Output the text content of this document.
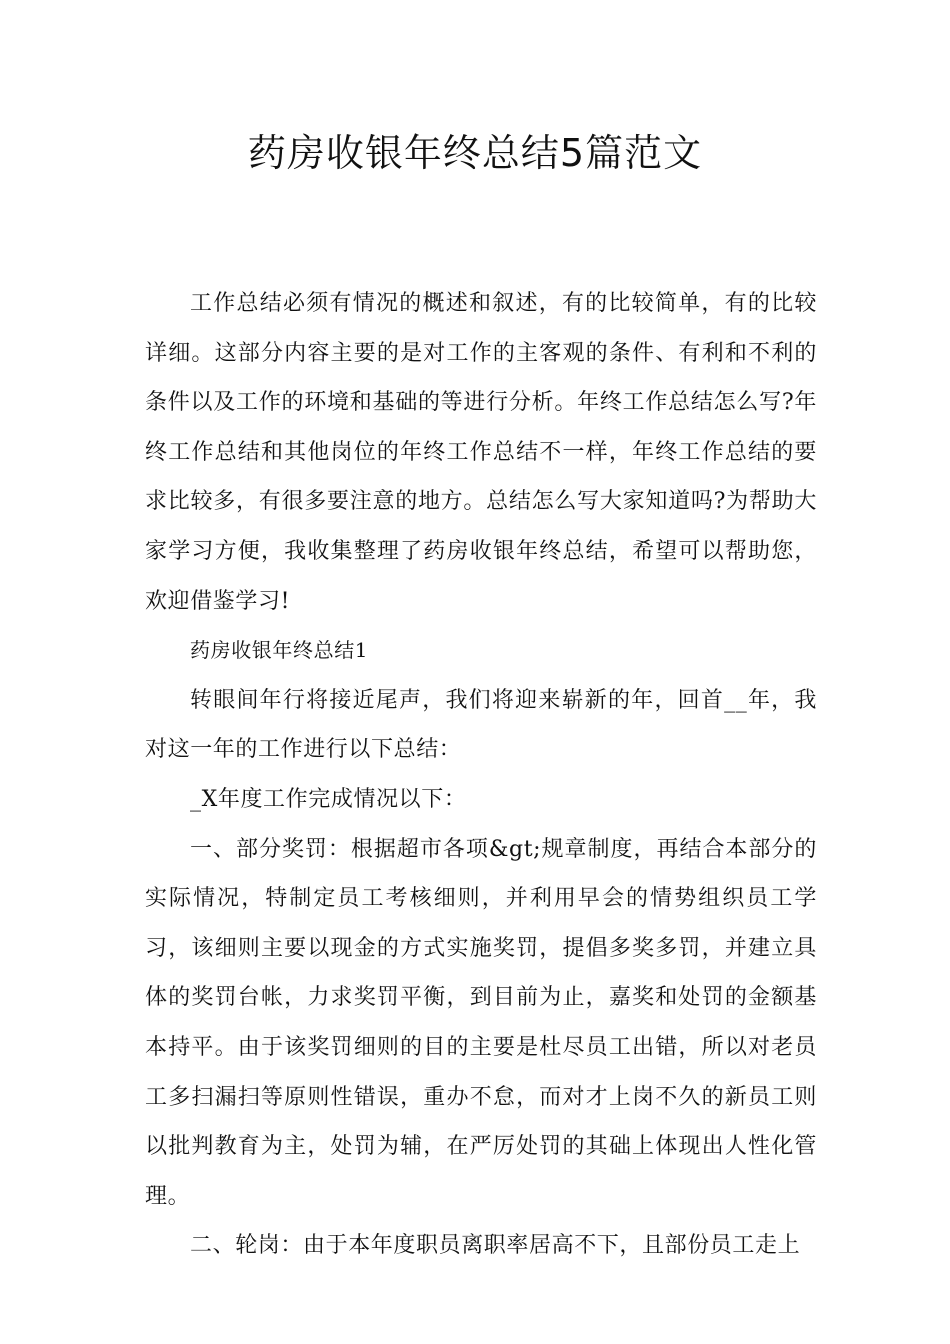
药房收银年终总结5篇范文

工作总结必须有情况的概述和叙述，有的比较简单，有的比较详细。这部分内容主要的是对工作的主客观的条件、有利和不利的条件以及工作的环境和基础的等进行分析。年终工作总结怎么写?年终工作总结和其他岗位的年终工作总结不一样，年终工作总结的要求比较多，有很多要注意的地方。总结怎么写大家知道吗?为帮助大家学习方便，我收集整理了药房收银年终总结，希望可以帮助您，欢迎借鉴学习!

药房收银年终总结1

转眼间年行将接近尾声，我们将迎来崭新的年，回首__年，我对这一年的工作进行以下总结：

_X年度工作完成情况以下：

一、部分奖罚：根据超市各项&gt;规章制度，再结合本部分的实际情况，特制定员工考核细则，并利用早会的情势组织员工学习，该细则主要以现金的方式实施奖罚，提倡多奖多罚，并建立具体的奖罚台帐，力求奖罚平衡，到目前为止，嘉奖和处罚的金额基本持平。由于该奖罚细则的目的主要是杜尽员工出错，所以对老员工多扫漏扫等原则性错误，重办不怠，而对才上岗不久的新员工则以批判教育为主，处罚为辅，在严厉处罚的其础上体现出人性化管理。

二、轮岗：由于本年度职员离职率居高不下，且部份员工走上
